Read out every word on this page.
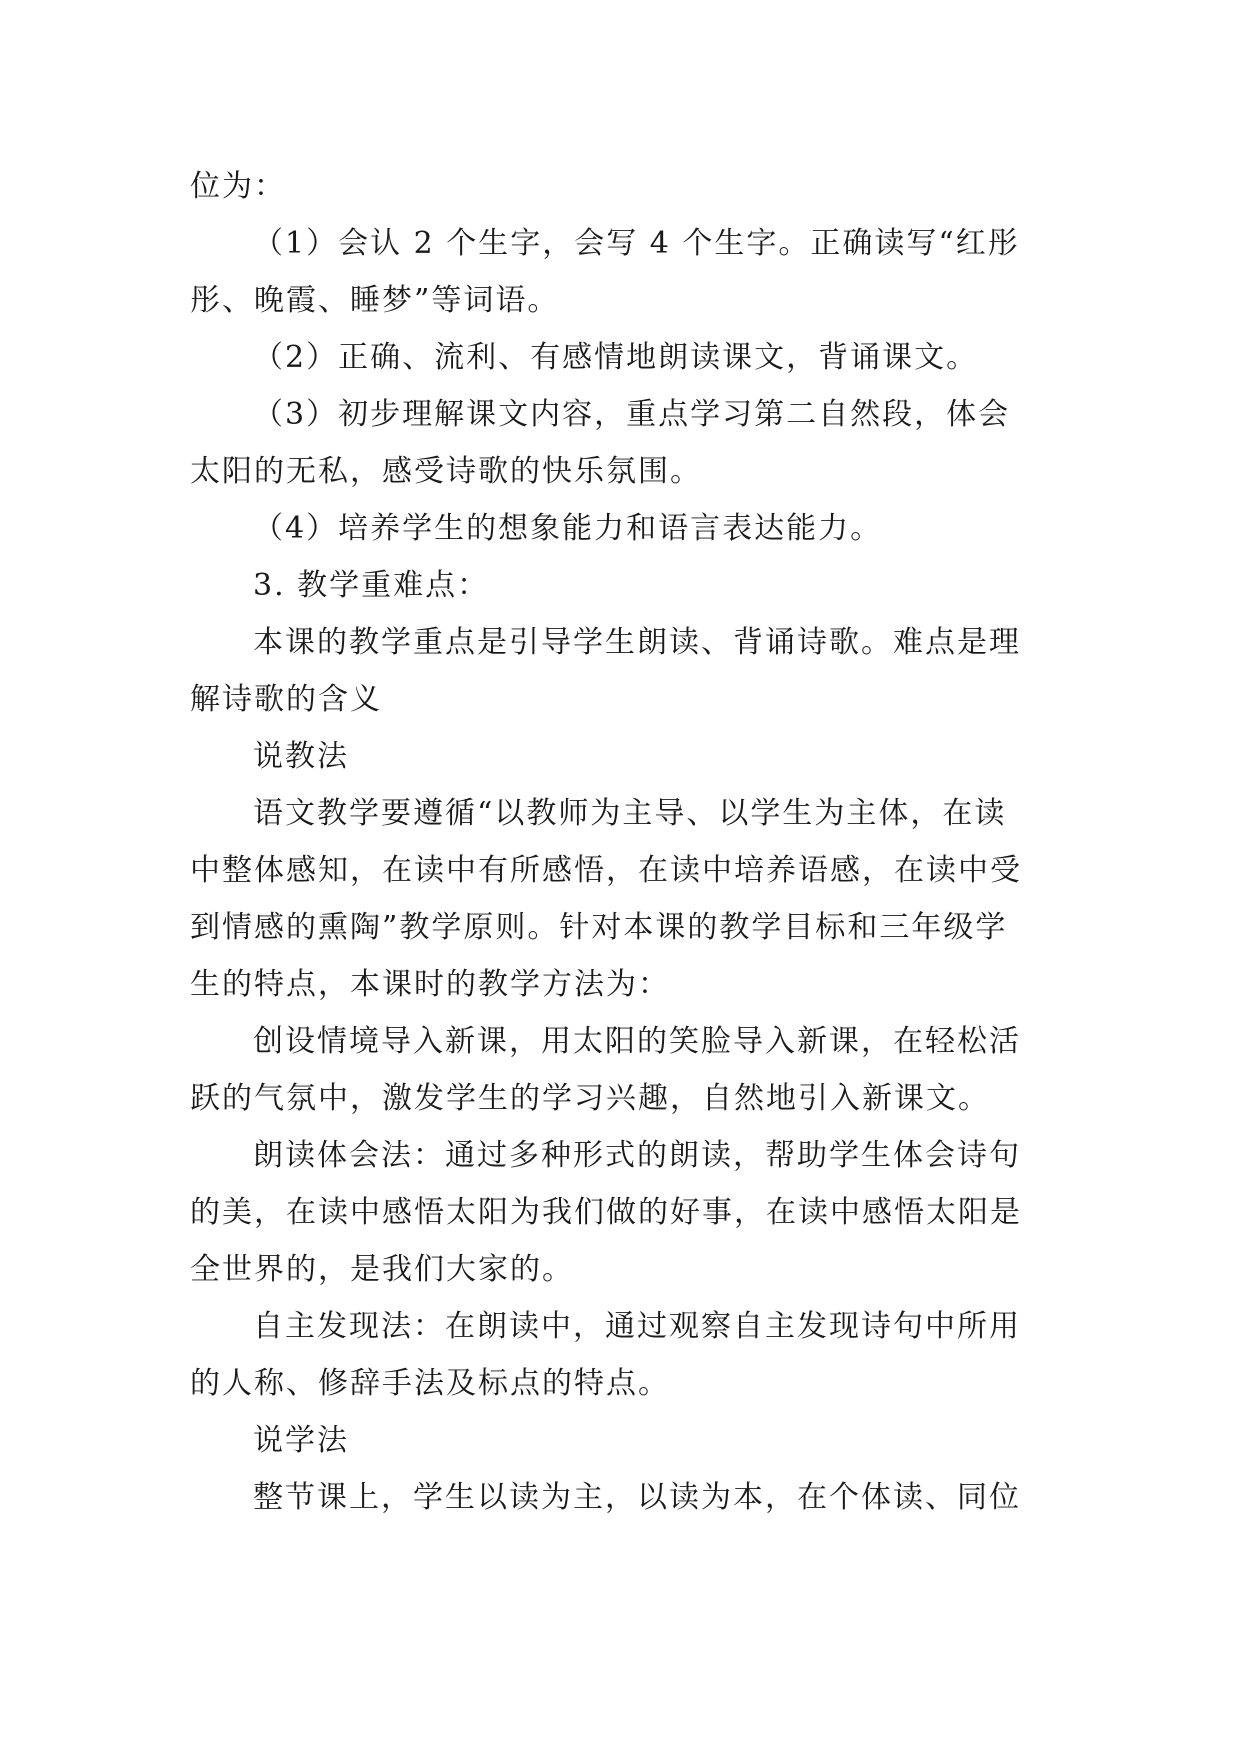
位为：
（1）会认 2 个生字，会写 4 个生字。正确读写“红彤
彤、晚霞、睡梦”等词语。
（2）正确、流利、有感情地朗读课文，背诵课文。
（3）初步理解课文内容，重点学习第二自然段，体会
太阳的无私，感受诗歌的快乐氛围。
（4）培养学生的想象能力和语言表达能力。
3. 教学重难点：
本课的教学重点是引导学生朗读、背诵诗歌。难点是理
解诗歌的含义
说教法
语文教学要遵循“以教师为主导、以学生为主体，在读
中整体感知，在读中有所感悟，在读中培养语感，在读中受
到情感的熏陶”教学原则。针对本课的教学目标和三年级学
生的特点，本课时的教学方法为：
创设情境导入新课，用太阳的笑脸导入新课，在轻松活
跃的气氛中，激发学生的学习兴趣，自然地引入新课文。
朗读体会法：通过多种形式的朗读，帮助学生体会诗句
的美，在读中感悟太阳为我们做的好事，在读中感悟太阳是
全世界的，是我们大家的。
自主发现法：在朗读中，通过观察自主发现诗句中所用
的人称、修辞手法及标点的特点。
说学法
整节课上，学生以读为主，以读为本，在个体读、同位
